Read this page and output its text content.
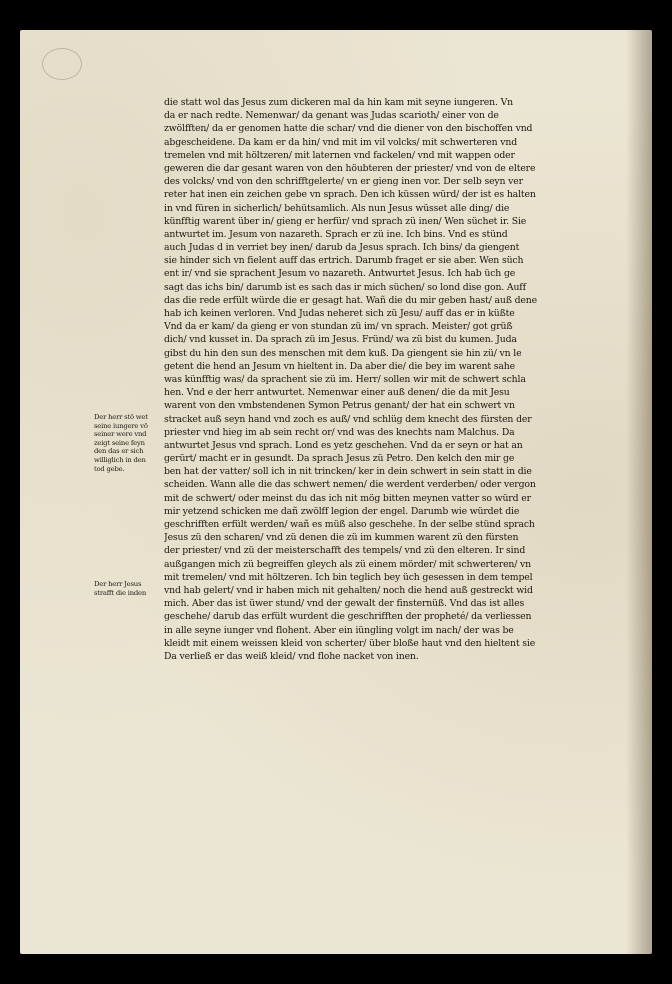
die statt wol das Jesus zum dickeren mal da hin kam mit seyne iungeren. Vn
da er nach redte. Nemenwar/ da genant was Judas scarioth/ einer von de
zwölfften/ da er genomen hatte die schar/ vnd die diener von den bischoffen vnd
abgescheidene. Da kam er da hin/ vnd mit im vil volcks/ mit schwerteren vnd
tremelen vnd mit höltzeren/ mit laternen vnd fackelen/ vnd mit wappen oder
geweren die dar gesant waren von den höubteren der priester/ vnd von de eltere
des volcks/ vnd von den schrifftgelerte/ vn er gieng inen vor. Der selb seyn ver
reter hat inen ein zeichen gebe vn sprach. Den ich küssen würd/ der ist es halten
in vnd füren in sicherlich/ behütsamlich. Als nun Jesus wüsset alle ding/ die
künfftig warent über in/ gieng er herfür/ vnd sprach zü inen/ Wen süchet ir. Sie
antwurtet im. Jesum von nazareth. Sprach er zü ine. Ich bins. Vnd es stünd
auch Judas d in verriet bey inen/ darub da Jesus sprach. Ich bins/ da giengent
sie hinder sich vn fielent auff das ertrich. Darumb fraget er sie aber. Wen süch
ent ir/ vnd sie sprachent Jesum vo nazareth. Antwurtet Jesus. Ich hab üch ge
sagt das ichs bin/ darumb ist es sach das ir mich süchen/ so lond dise gon. Auff
das die rede erfült würde die er gesagt hat. Wañ die du mir geben hast/ auß dene
hab ich keinen verloren. Vnd Judas neheret sich zü Jesu/ auff das er in küßte
Vnd da er kam/ da gieng er von stundan zü im/ vn sprach. Meister/ got grüß
dich/ vnd kusset in. Da sprach zü im Jesus. Fründ/ wa zü bist du kumen. Juda
gibst du hin den sun des menschen mit dem kuß. Da giengent sie hin zü/ vn le
getent die hend an Jesum vn hieltent in. Da aber die/ die bey im warent sahe
was künfftig was/ da sprachent sie zü im. Herr/ sollen wir mit de schwert schla
hen. Vnd e der herr antwurtet. Nemenwar einer auß denen/ die da mit Jesu
warent von den vmbstendenen Symon Petrus genant/ der hat ein schwert vn
stracket auß seyn hand vnd zoch es auß/ vnd schlüg dem knecht des fürsten der
priester vnd hieg im ab sein recht or/ vnd was des knechts nam Malchus. Da
antwurtet Jesus vnd sprach. Lond es yetz geschehen. Vnd da er seyn or hat an
gerürt/ macht er in gesundt. Da sprach Jesus zü Petro. Den kelch den mir ge
ben hat der vatter/ soll ich in nit trincken/ ker in dein schwert in sein statt in die
scheiden. Wann alle die das schwert nemen/ die werdent verderben/ oder vergon
mit de schwert/ oder meinst du das ich nit mög bitten meynen vatter so würd er
mir yetzend schicken me dañ zwölff legion der engel. Darumb wie würdet die
geschrifften erfült werden/ wañ es müß also geschehe. In der selbe stünd sprach
Jesus zü den scharen/ vnd zü denen die zü im kummen warent zü den fürsten
der priester/ vnd zü der meisterschafft des tempels/ vnd zü den elteren. Ir sind
außgangen mich zü begreiffen gleych als zü einem mörder/ mit schwerteren/ vn
mit tremelen/ vnd mit höltzeren. Ich bin teglich bey üch gesessen in dem tempel
vnd hab gelert/ vnd ir haben mich nit gehalten/ noch die hend auß gestreckt wid
mich. Aber das ist üwer stund/ vnd der gewalt der finsternüß. Vnd das ist alles
geschehe/ darub das erfült wurdent die geschrifften der propheté/ da verliessen
in alle seyne iunger vnd flohent. Aber ein iüngling volgt im nach/ der was be
kleidt mit einem weissen kleid von scherter/ über bloße haut vnd den hieltent sie
Da verließ er das weiß kleid/ vnd flohe nacket von inen.
Der herr stö wet
seine iungere vō
seiner were vnd
zeigt seine feyn
den das er sich
williglich in den
tod gebe.
Der herr Jesus
strafft die inden
